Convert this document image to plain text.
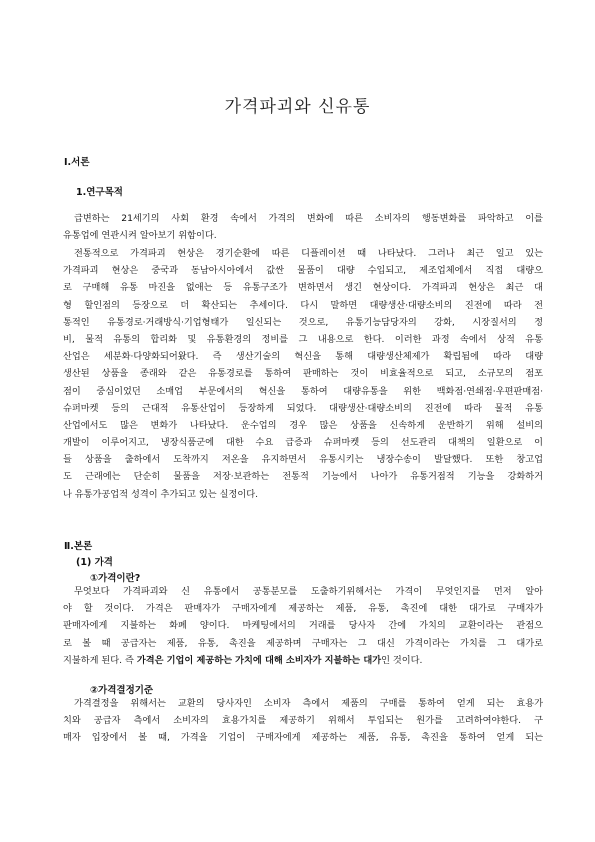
가격파괴와 신유통
Ⅰ.서론
1.연구목적
급변하는 21세기의 사회 환경 속에서 가격의 변화에 따른 소비자의 행동변화를 파악하고 이를
유통업에 연관시켜 알아보기 위함이다.
전통적으로 가격파괴 현상은 경기순환에 따른 디플레이션 때 나타났다. 그러나 최근 일고 있는
가격파괴 현상은 중국과 동남아시아에서 값싼 물품이 대량 수입되고, 제조업체에서 직접 대량으
로 구매해 유통 마진을 없애는 등 유통구조가 변하면서 생긴 현상이다. 가격파괴 현상은 최근 대
형 할인점의 등장으로 더 확산되는 추세이다. 다시 말하면 대량생산·대량소비의 진전에 따라 전
통적인 유통경로·거래방식·기업형태가 일신되는 것으로, 유통기능담당자의 강화, 시장질서의 정
비, 물적 유통의 합리화 및 유통환경의 정비를 그 내용으로 한다. 이러한 과정 속에서 상적 유통
산업은 세분화·다양화되어왔다. 즉 생산기술의 혁신을 통해 대량생산체제가 확립됨에 따라 대량
생산된 상품을 종래와 같은 유통경로를 통하여 판매하는 것이 비효율적으로 되고, 소규모의 점포
점이 중심이었던 소매업 부문에서의 혁신을 통하여 대량유통을 위한 백화점·연쇄점·우편판매점·
슈퍼마켓 등의 근대적 유통산업이 등장하게 되었다. 대량생산·대량소비의 진전에 따라 물적 유통
산업에서도 많은 변화가 나타났다. 운수업의 경우 많은 상품을 신속하게 운반하기 위해 설비의
개발이 이루어지고, 냉장식품군에 대한 수요 급증과 슈퍼마켓 등의 선도관리 대책의 일환으로 이
들 상품을 출하에서 도착까지 저온을 유지하면서 유통시키는 냉장수송이 발달했다. 또한 창고업
도 근래에는 단순히 물품을 저장·보관하는 전통적 기능에서 나아가 유통거점적 기능을 강화하거
나 유통가공업적 성격이 추가되고 있는 실정이다.
Ⅱ.본론
(1) 가격
①가격이란?
무엇보다 가격파괴와 신 유통에서 공통분모를 도출하기위해서는 가격이 무엇인지를 먼저 알아
야 할 것이다. 가격은 판매자가 구매자에게 제공하는 제품, 유통, 촉진에 대한 대가로 구매자가
판매자에게 지불하는 화폐 양이다. 마케팅에서의 거래를 당사자 간에 가치의 교환이라는 관점으
로 볼 때 공급자는 제품, 유통, 촉진을 제공하며 구매자는 그 대신 가격이라는 가치를 그 대가로
지불하게 된다. 즉 가격은 기업이 제공하는 가치에 대해 소비자가 지불하는 대가인 것이다.
②가격결정기준
가격결정을 위해서는 교환의 당사자인 소비자 측에서 제품의 구매를 통하여 얻게 되는 효용가
치와 공급자 측에서 소비자의 효용가치를 제공하기 위해서 투입되는 원가를 고려하여야한다. 구
매자 입장에서 볼 때, 가격을 기업이 구매자에게 제공하는 제품, 유통, 촉진을 통하여 얻게 되는
